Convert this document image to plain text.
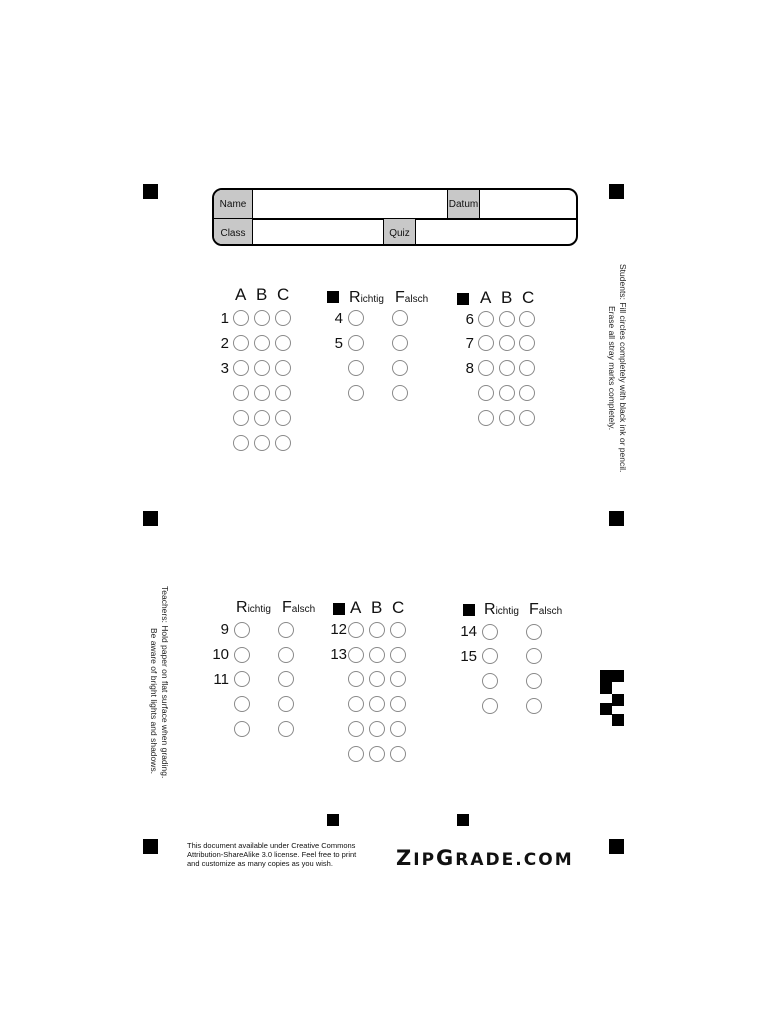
Name	Datum
Class	Quiz
A B C
1
2
3
Richtig Falsch
4
5
A B C
6
7
8	Students: Fill circles completely with black ink or pencil.
Erase all stray marks completely.
Richtig Falsch
9
10
11
A B C
12
13
Richtig Falsch
14
15
Teachers: Hold paper on flat surface when grading.
Be aware of bright lights and shadows.
This document available under Creative Commons Attribution-ShareAlike 3.0 license. Feel free to print and customize as many copies as you wish.	ZIPGRADE.COM
